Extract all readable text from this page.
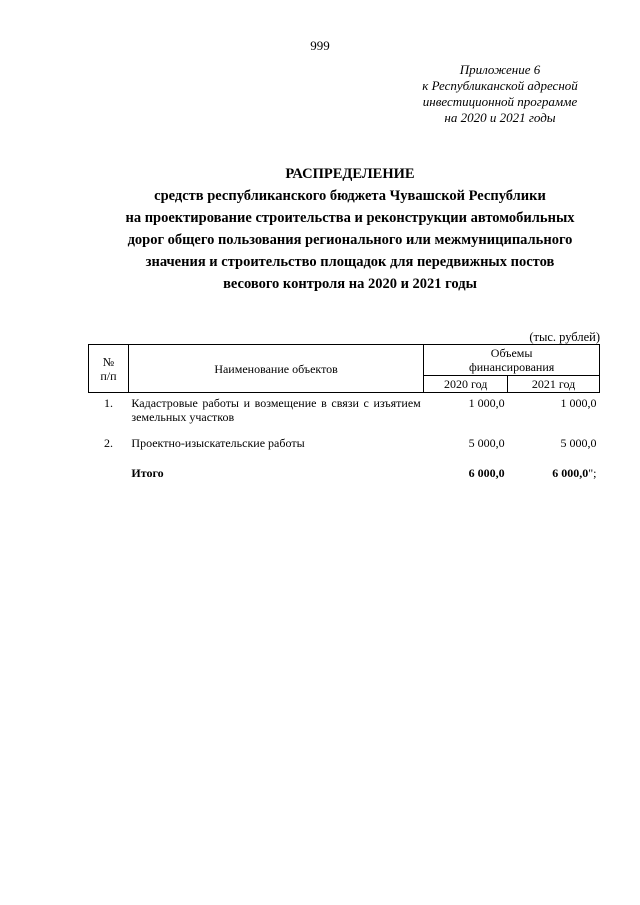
999
Приложение 6
к Республиканской адресной
инвестиционной программе
на 2020 и 2021 годы
РАСПРЕДЕЛЕНИЕ
средств республиканского бюджета Чувашской Республики
на проектирование строительства и реконструкции автомобильных
дорог общего пользования регионального или межмуниципального
значения и строительство площадок для передвижных постов
весового контроля на 2020 и 2021 годы
(тыс. рублей)
№
п/п	Наименование объектов	Объемы
финансирования	
		2020 год	2021 год
1.	Кадастровые работы и возмещение в связи с изъятием земельных участков	1 000,0	1 000,0
2.	Проектно-изыскательские работы	5 000,0	5 000,0
	Итого	6 000,0	6 000,0";
